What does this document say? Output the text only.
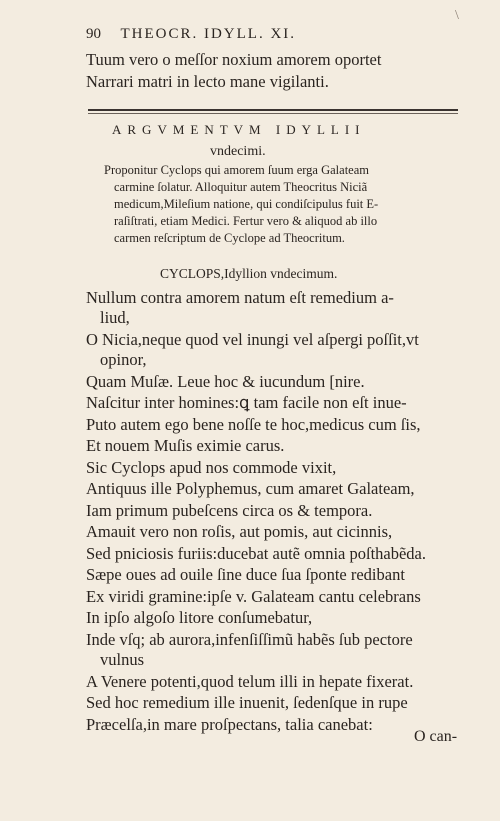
90 THEOCR. IDYLL. XI.
Tuum vero o meſſor noxium amorem oportet
Narrari matri in lecto mane vigilanti.
ARGVMENTVM IDYLLII
vndecimi.
Proponitur Cyclops qui amorem ſuum erga Galateam
carmine ſolatur. Alloquitur autem Theocritus Niciã
medicum,Mileſium natione, qui condiſcipulus fuit E-
raſiſtrati, etiam Medici. Fertur vero & aliquod ab illo
carmen reſcriptum de Cyclope ad Theocritum.
CYCLOPS,Idyllion vndecimum.
Nullum contra amorem natum eſt remedium a-
liud,
O Nicia,neque quod vel inungi vel aſpergi poſſit,vt
opinor,
Quam Muſæ. Leue hoc & iucundum [nire.
Naſcitur inter homines:ꝗ tam facile non eſt inue-
Puto autem ego bene noſſe te hoc,medicus cum ſis,
Et nouem Muſis eximie carus.
Sic Cyclops apud nos commode vixit,
Antiquus ille Polyphemus, cum amaret Galateam,
Iam primum pubeſcens circa os & tempora.
Amauit vero non roſis, aut pomis, aut cicinnis,
Sed pniciosis furiis:ducebat autẽ omnia poſthabẽda.
Sæpe oues ad ouile ſine duce ſua ſponte redibant
Ex viridi gramine:ipſe v. Galateam cantu celebrans
In ipſo algoſo litore conſumebatur,
Inde vſq; ab aurora,infenſiſſimũ habẽs ſub pectore
vulnus
A Venere potenti,quod telum illi in hepate fixerat.
Sed hoc remedium ille inuenit, ſedenſque in rupe
Præcelſa,in mare proſpectans, talia canebat:
O can-
\
